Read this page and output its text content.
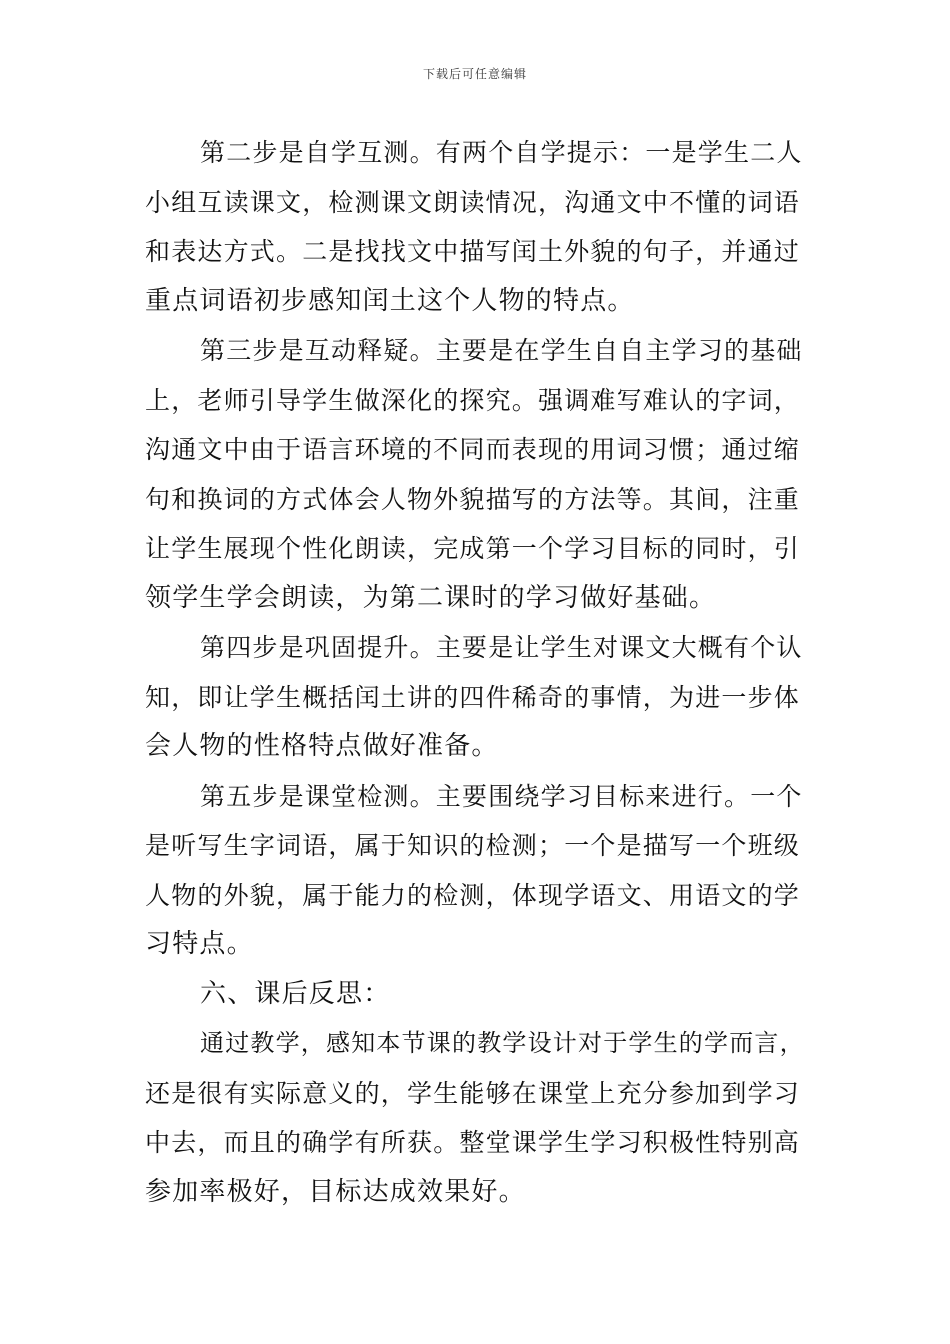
下载后可任意编辑
第二步是自学互测。有两个自学提示：一是学生二人
小组互读课文，检测课文朗读情况，沟通文中不懂的词语
和表达方式。二是找找文中描写闰土外貌的句子，并通过
重点词语初步感知闰土这个人物的特点。
第三步是互动释疑。主要是在学生自自主学习的基础
上，老师引导学生做深化的探究。强调难写难认的字词，
沟通文中由于语言环境的不同而表现的用词习惯；通过缩
句和换词的方式体会人物外貌描写的方法等。其间，注重
让学生展现个性化朗读，完成第一个学习目标的同时，引
领学生学会朗读，为第二课时的学习做好基础。
第四步是巩固提升。主要是让学生对课文大概有个认
知，即让学生概括闰土讲的四件稀奇的事情，为进一步体
会人物的性格特点做好准备。
第五步是课堂检测。主要围绕学习目标来进行。一个
是听写生字词语，属于知识的检测；一个是描写一个班级
人物的外貌，属于能力的检测，体现学语文、用语文的学
习特点。
六、课后反思：
通过教学，感知本节课的教学设计对于学生的学而言，
还是很有实际意义的，学生能够在课堂上充分参加到学习
中去，而且的确学有所获。整堂课学生学习积极性特别高
参加率极好，目标达成效果好。
